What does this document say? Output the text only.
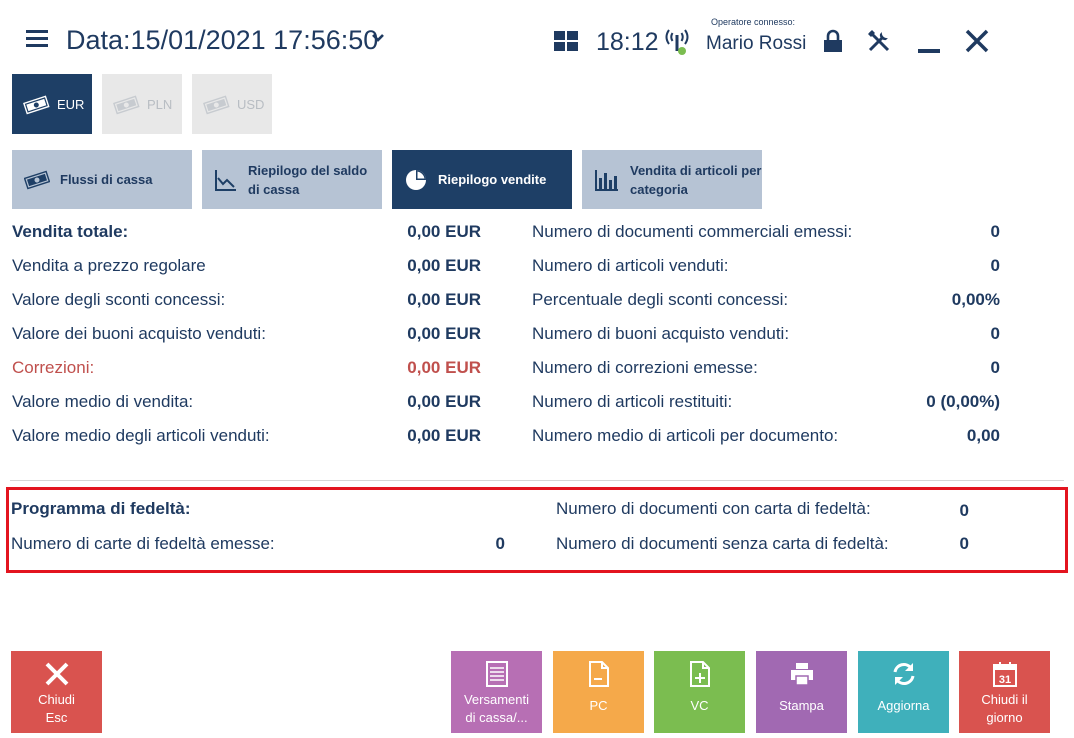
Data:15/01/2021 17:56:50	18:12
Operatore connesso:
Mario Rossi
EUR	PLN	USD
Flussi di cassa
Riepilogo del saldo di cassa
Riepilogo vendite
Vendita di articoli per categoria
Vendita totale:	0,00 EUR
Vendita a prezzo regolare	0,00 EUR
Valore degli sconti concessi:	0,00 EUR
Valore dei buoni acquisto venduti:	0,00 EUR
Correzioni:	0,00 EUR
Valore medio di vendita:	0,00 EUR
Valore medio degli articoli venduti:	0,00 EUR
Numero di documenti commerciali emessi:	0
Numero di articoli venduti:	0
Percentuale degli sconti concessi:	0,00%
Numero di buoni acquisto venduti:	0
Numero di correzioni emesse:	0
Numero di articoli restituiti:	0 (0,00%)
Numero medio di articoli per documento:	0,00
Programma di fedeltà:
Numero di carte di fedeltà emesse:	0
Numero di documenti con carta di fedeltà:	0
Numero di documenti senza carta di fedeltà:	0
Chiudi
Esc
Versamenti
di cassa/...
PC	VC	Stampa	Aggiorna
31
Chiudi il
giorno
